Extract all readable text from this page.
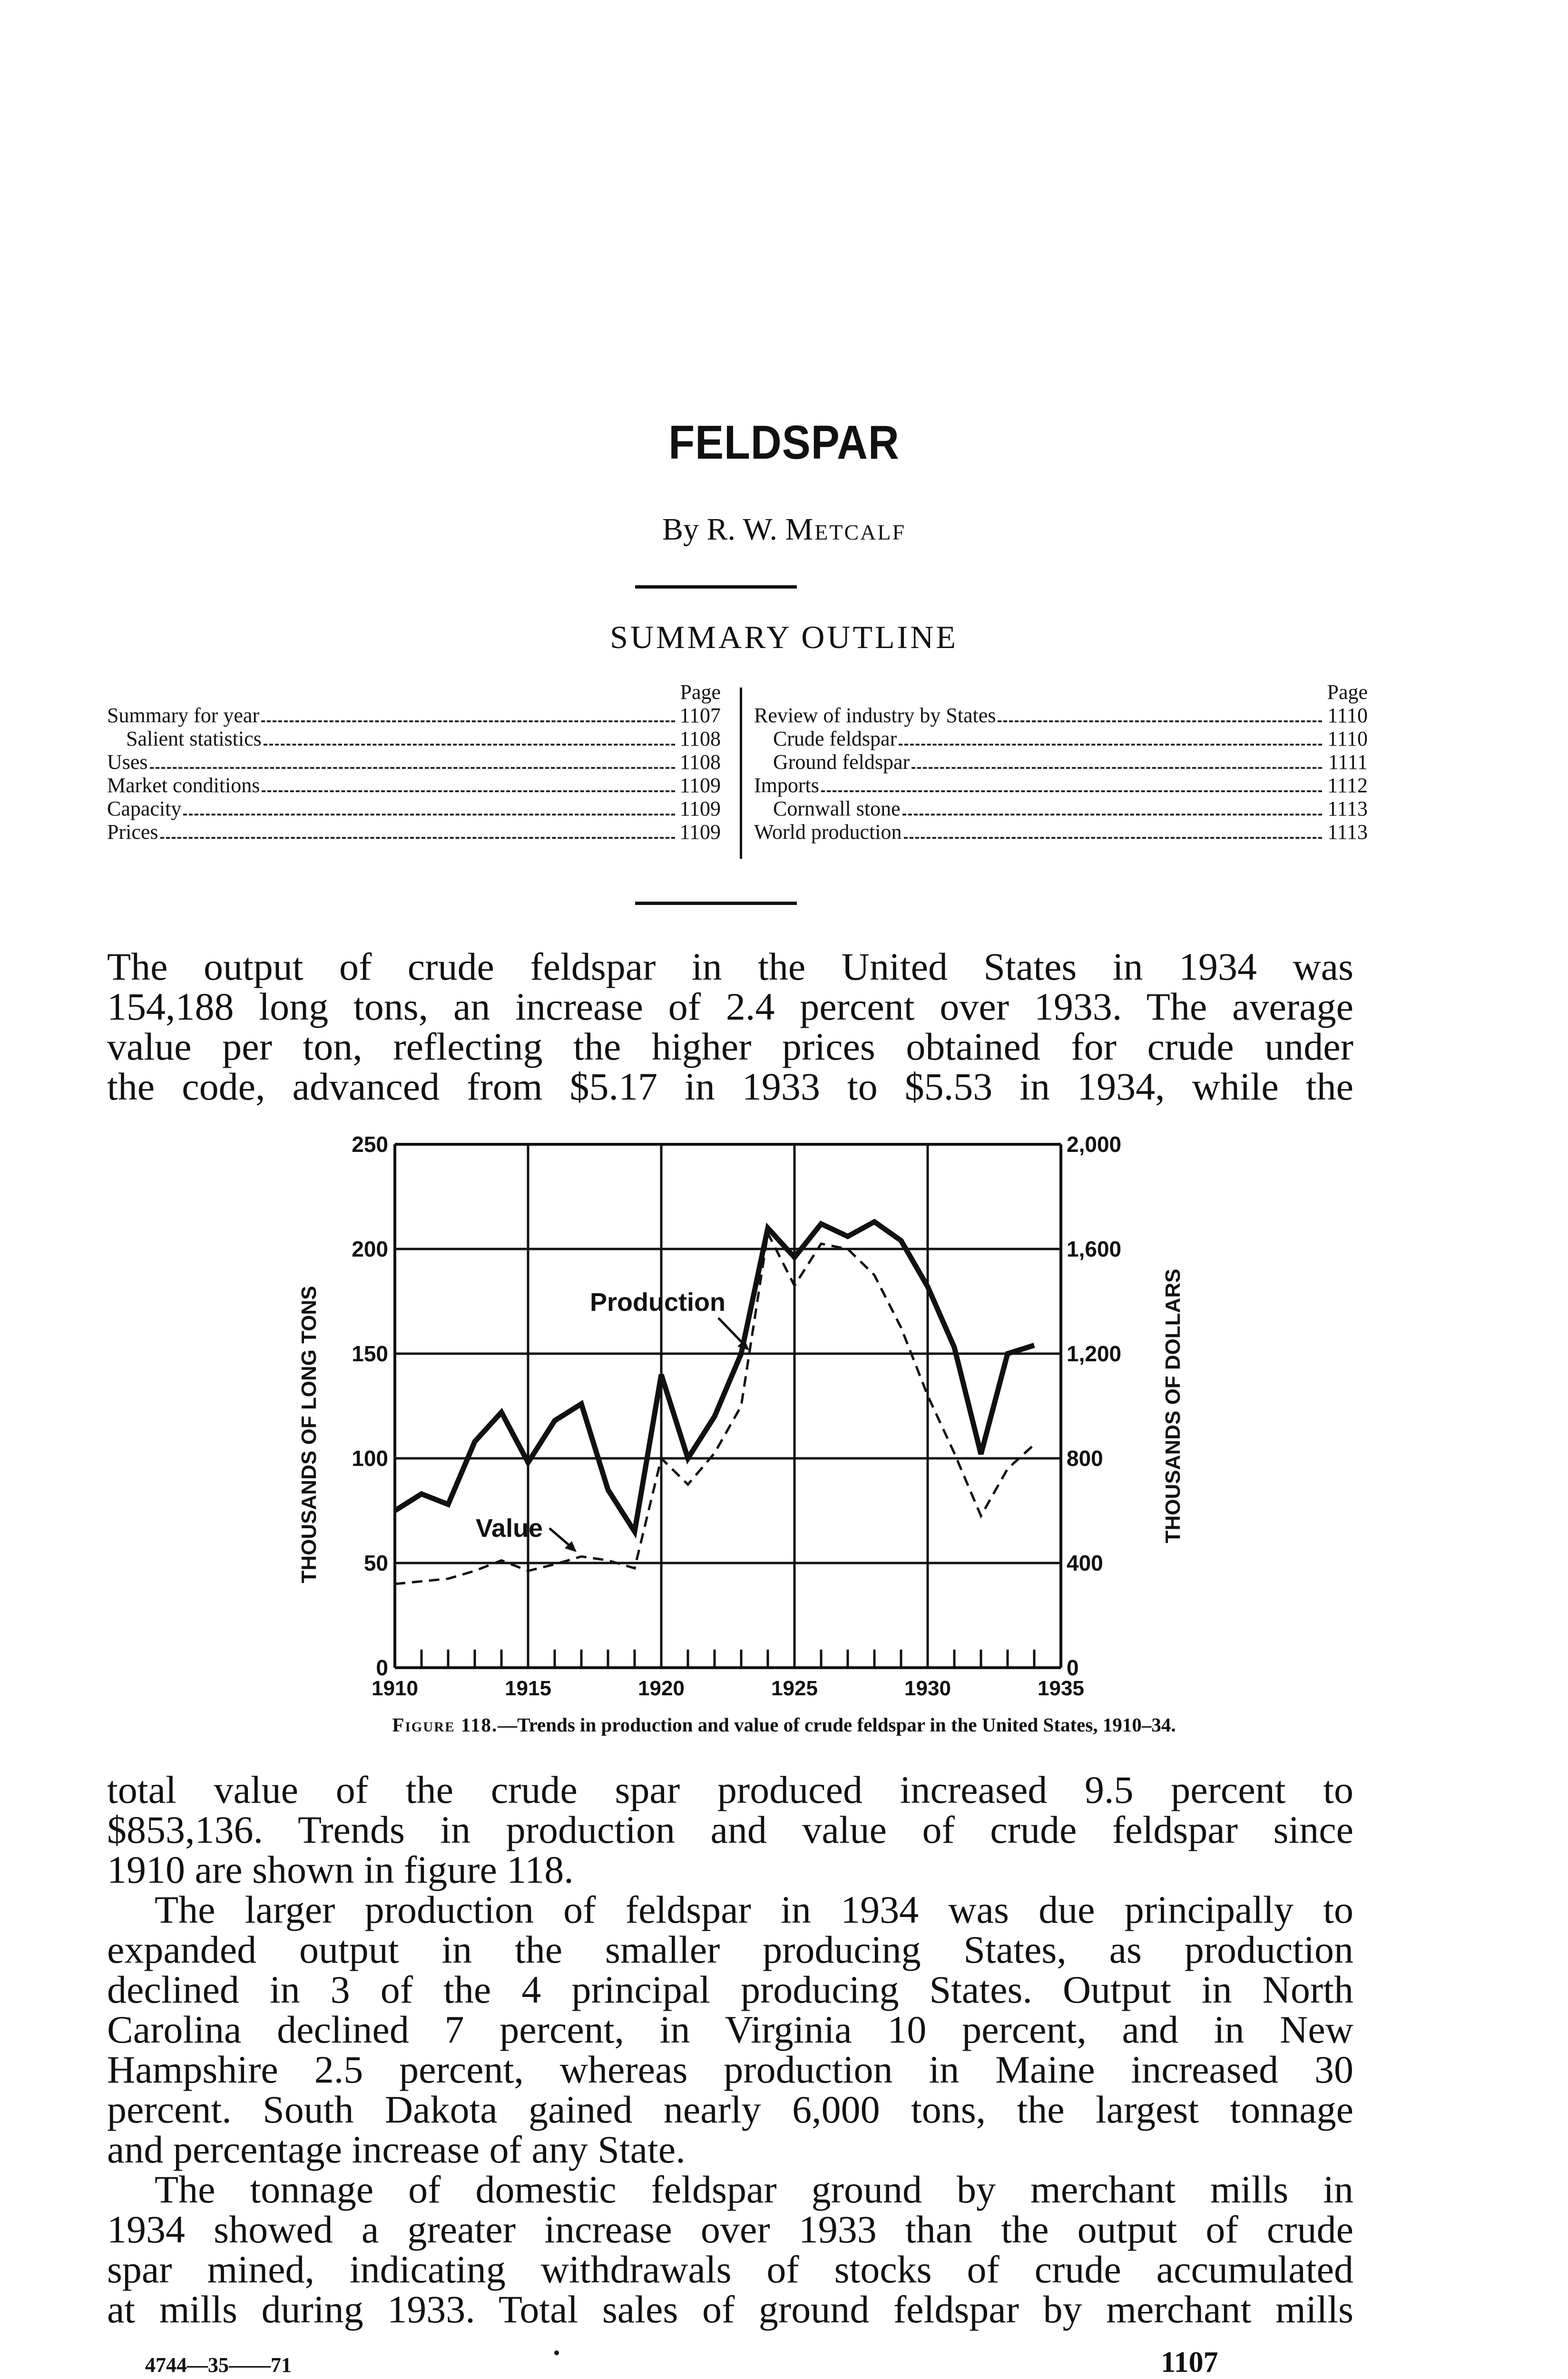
FELDSPAR
By R. W. Metcalf
SUMMARY OUTLINE
Page
Summary for year	1107
Salient statistics	1108
Uses	1108
Market conditions	1109
Capacity	1109
Prices	1109
Page
Review of industry by States	1110
Crude feldspar	1110
Ground feldspar	1111
Imports	1112
Cornwall stone	1113
World production	1113
The output of crude feldspar in the United States in 1934 was
154,188 long tons, an increase of 2.4 percent over 1933. The average
value per ton, reflecting the higher prices obtained for crude under
the code, advanced from $5.17 in 1933 to $5.53 in 1934, while the
0
50
100
150
200
250
0
400
800
1,200
1,600
2,000
1910	1915	1920	1925	1930	1935
THOUSANDS OF LONG TONS	THOUSANDS OF DOLLARS
Production
Value
Figure 118.—Trends in production and value of crude feldspar in the United States, 1910–34.
total value of the crude spar produced increased 9.5 percent to
$853,136. Trends in production and value of crude feldspar since
1910 are shown in figure 118.
The larger production of feldspar in 1934 was due principally to
expanded output in the smaller producing States, as production
declined in 3 of the 4 principal producing States. Output in North
Carolina declined 7 percent, in Virginia 10 percent, and in New
Hampshire 2.5 percent, whereas production in Maine increased 30
percent. South Dakota gained nearly 6,000 tons, the largest tonnage
and percentage increase of any State.
The tonnage of domestic feldspar ground by merchant mills in
1934 showed a greater increase over 1933 than the output of crude
spar mined, indicating withdrawals of stocks of crude accumulated
at mills during 1933. Total sales of ground feldspar by merchant mills
4744—35——71	1107
